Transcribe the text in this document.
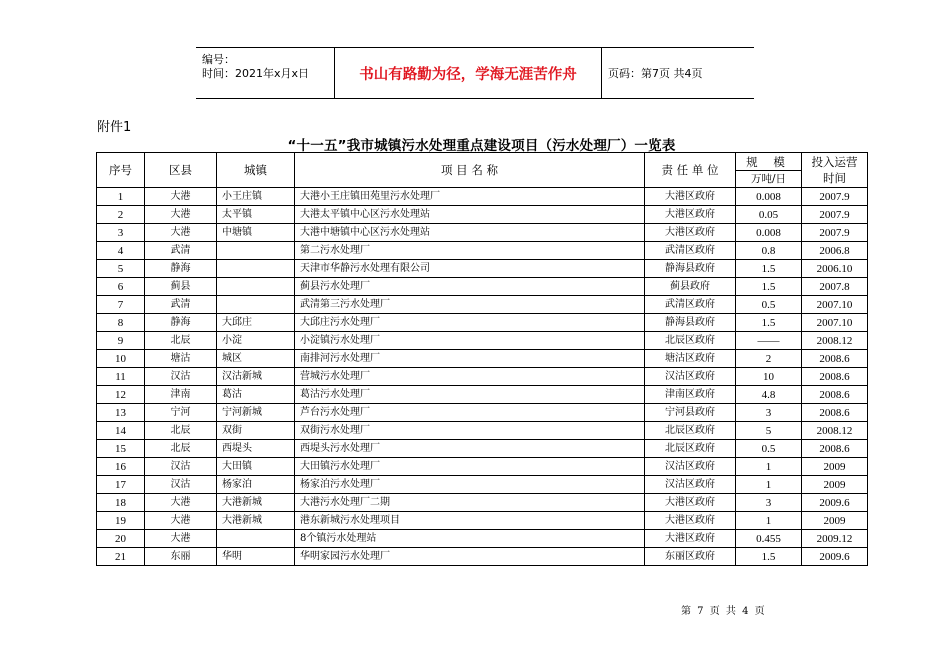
编号：
时间：2021年x月x日	书山有路勤为径，学海无涯苦作舟	页码：第7页 共4页
附件1
“十一五”我市城镇污水处理重点建设项目（污水处理厂）一览表
序号	区县	城镇	项 目 名 称	责 任 单 位	规 模	投入运营时间

					万吨/日	
1	大港	小王庄镇	大港小王庄镇田苑里污水处理厂	大港区政府	0.008	2007.9
2	大港	太平镇	大港太平镇中心区污水处理站	大港区政府	0.05	2007.9
3	大港	中塘镇	大港中塘镇中心区污水处理站	大港区政府	0.008	2007.9
4	武清		第二污水处理厂	武清区政府	0.8	2006.8
5	静海		天津市华静污水处理有限公司	静海县政府	1.5	2006.10
6	蓟县		蓟县污水处理厂	蓟县政府	1.5	2007.8
7	武清		武清第三污水处理厂	武清区政府	0.5	2007.10
8	静海	大邱庄	大邱庄污水处理厂	静海县政府	1.5	2007.10
9	北辰	小淀	小淀镇污水处理厂	北辰区政府	——	2008.12
10	塘沽	城区	南排河污水处理厂	塘沽区政府	2	2008.6
11	汉沽	汉沽新城	营城污水处理厂	汉沽区政府	10	2008.6
12	津南	葛沽	葛沽污水处理厂	津南区政府	4.8	2008.6
13	宁河	宁河新城	芦台污水处理厂	宁河县政府	3	2008.6
14	北辰	双街	双街污水处理厂	北辰区政府	5	2008.12
15	北辰	西堤头	西堤头污水处理厂	北辰区政府	0.5	2008.6
16	汉沽	大田镇	大田镇污水处理厂	汉沽区政府	1	2009
17	汉沽	杨家泊	杨家泊污水处理厂	汉沽区政府	1	2009
18	大港	大港新城	大港污水处理厂二期	大港区政府	3	2009.6
19	大港	大港新城	港东新城污水处理项目	大港区政府	1	2009
20	大港		8个镇污水处理站	大港区政府	0.455	2009.12
21	东丽	华明	华明家园污水处理厂	东丽区政府	1.5	2009.6
第 7 页 共 4 页
